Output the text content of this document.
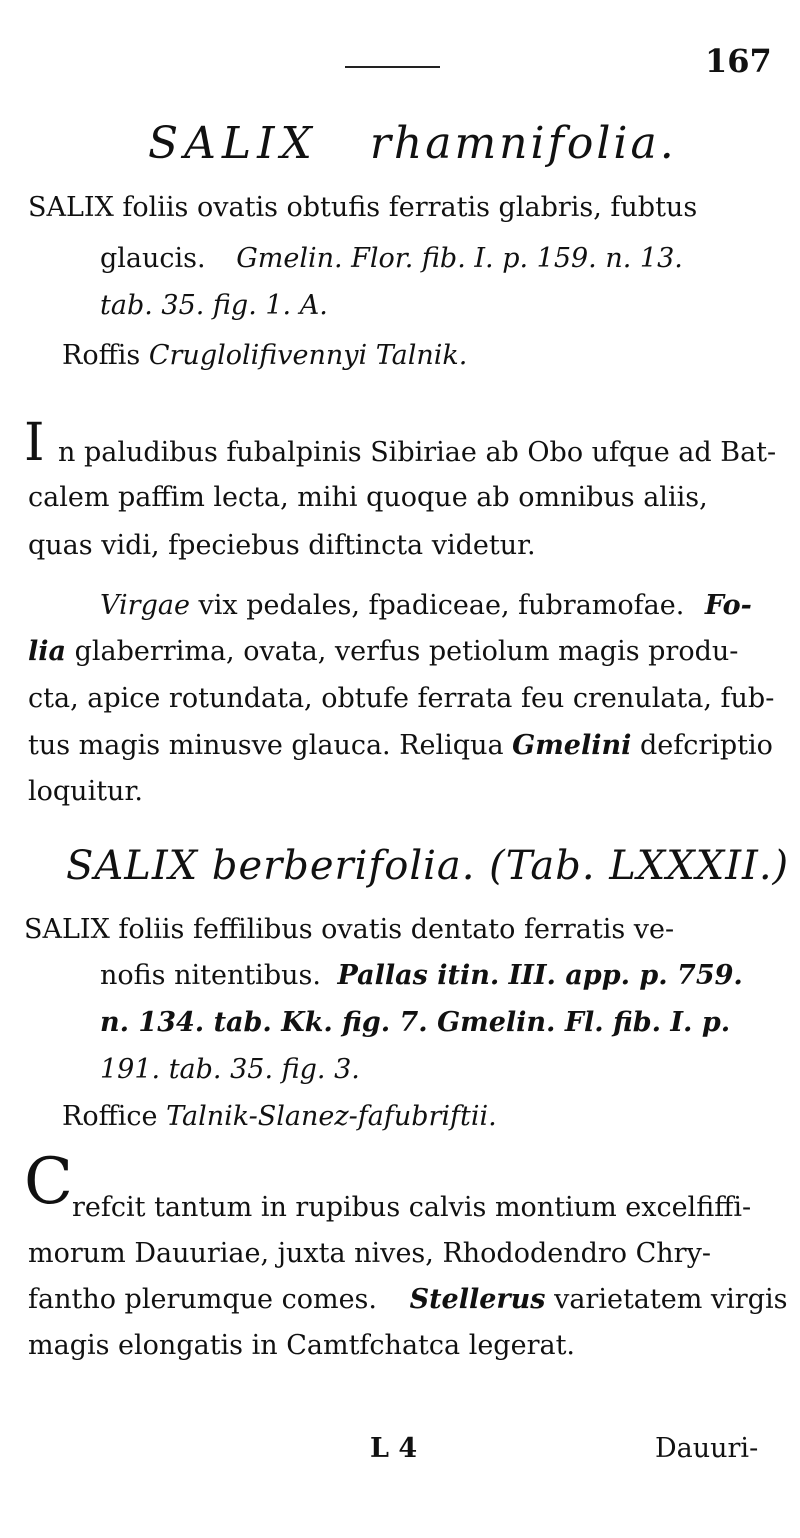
167
SALIX rhamnifolia.
SALIX foliis ovatis obtufis ferratis glabris, fubtus
glaucis. Gmelin. Flor. fib. I. p. 159. n. 13.
tab. 35. fig. 1. A.
Roffis Cruglolifivennyi Talnik.
I n paludibus fubalpinis Sibiriae ab Obo ufque ad Bat-
calem paffim lecta, mihi quoque ab omnibus aliis,
quas vidi, fpeciebus diftincta videtur.
Virgae vix pedales, fpadiceae, fubramofae. Fo-
lia glaberrima, ovata, verfus petiolum magis produ-
cta, apice rotundata, obtufe ferrata feu crenulata, fub-
tus magis minusve glauca. Reliqua Gmelini defcriptio
loquitur.
SALIX berberifolia. (Tab. LXXXII.)
SALIX foliis feffilibus ovatis dentato ferratis ve-
nofis nitentibus. Pallas itin. III. app. p. 759.
n. 134. tab. Kk. fig. 7. Gmelin. Fl. fib. I. p.
191. tab. 35. fig. 3.
Roffice Talnik-Slanez-fafubriftii.
C refcit tantum in rupibus calvis montium excelfiffi-
morum Dauuriae, juxta nives, Rhododendro Chry-
fantho plerumque comes. Stellerus varietatem virgis
magis elongatis in Camtfchatca legerat.
L 4	Dauuri-
